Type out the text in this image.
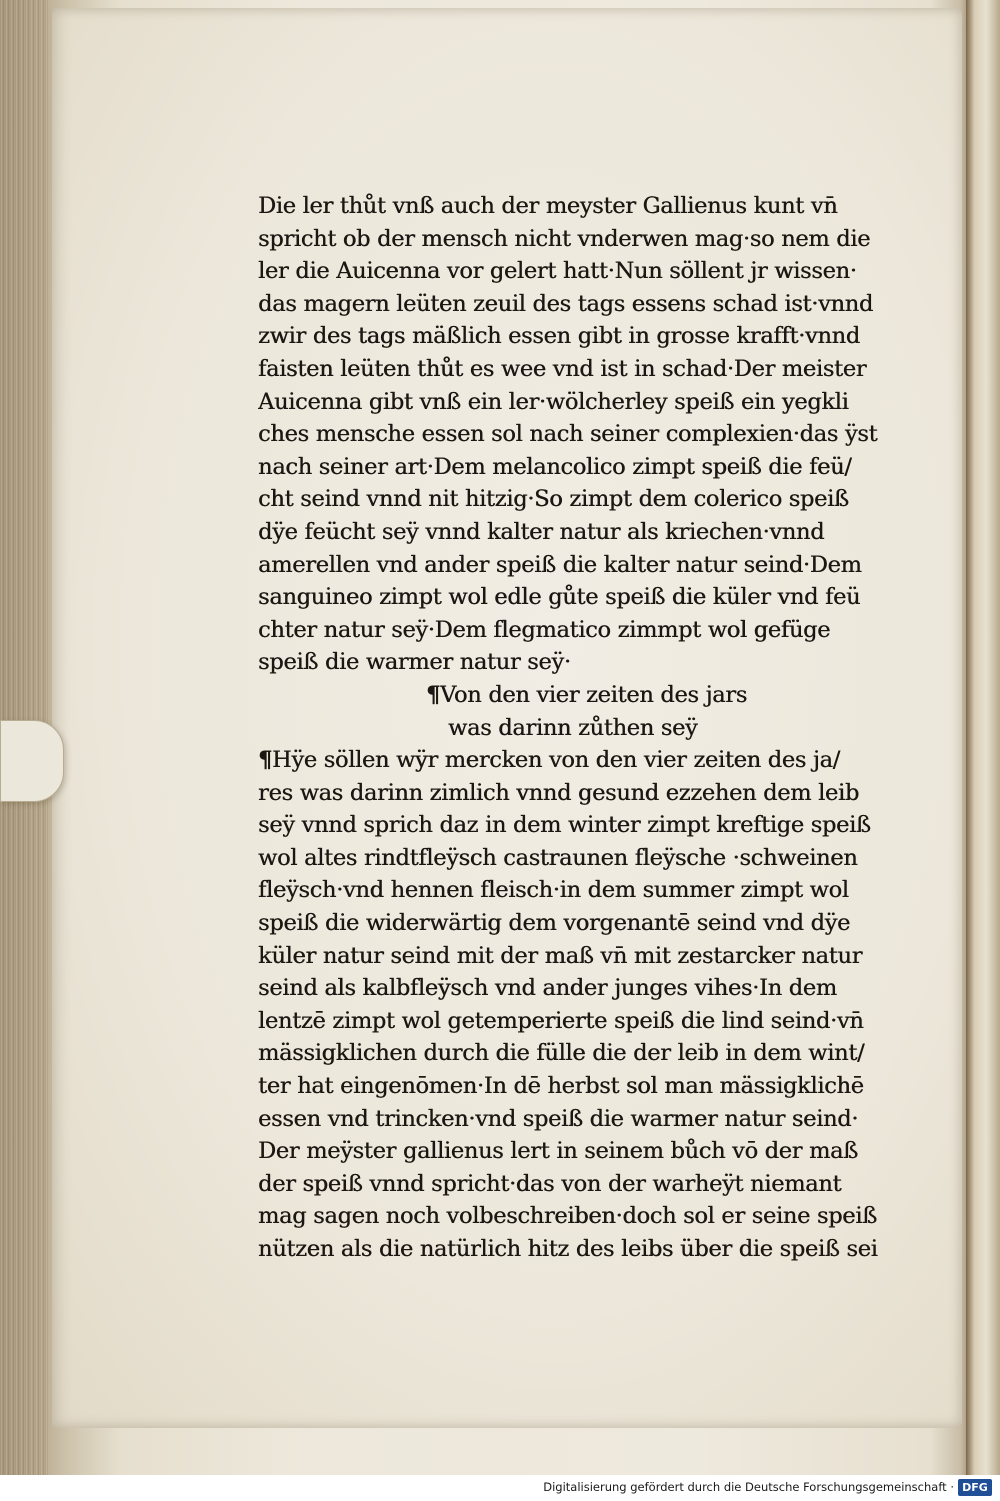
Die ler thůt vnß auch der meyster Gallienus kunt vn̄
spricht ob der mensch nicht vnderwen mag·so nem die
ler die Auicenna vor gelert hatt·Nun söllent jr wissen·
das magern leüten zeuil des tags essens schad ist·vnnd
zwir des tags mäßlich essen gibt in grosse krafft·vnnd
faisten leüten thůt es wee vnd ist in schad·Der meister
Auicenna gibt vnß ein ler·wölcherley speiß ein yegkli
ches mensche essen sol nach seiner complexien·das ÿst
nach seiner art·Dem melancolico zimpt speiß die feü/
cht seind vnnd nit hitzig·So zimpt dem colerico speiß
dÿe feücht seÿ vnnd kalter natur als kriechen·vnnd
amerellen vnd ander speiß die kalter natur seind·Dem
sanguineo zimpt wol edle gůte speiß die küler vnd feü
chter natur seÿ·Dem flegmatico zimmpt wol gefüge
speiß die warmer natur seÿ·
¶Von den vier zeiten des jars
was darinn zůthen seÿ
¶Hÿe söllen wÿr mercken von den vier zeiten des ja/
res was darinn zimlich vnnd gesund ezzehen dem leib
seÿ vnnd sprich daz in dem winter zimpt kreftige speiß
wol altes rindtfleÿsch castraunen fleÿsche ·schweinen
fleÿsch·vnd hennen fleisch·in dem summer zimpt wol
speiß die widerwärtig dem vorgenantē seind vnd dÿe
küler natur seind mit der maß vn̄ mit zestarcker natur
seind als kalbfleÿsch vnd ander junges vihes·In dem
lentzē zimpt wol getemperierte speiß die lind seind·vn̄
mässigklichen durch die fülle die der leib in dem wint/
ter hat eingenōmen·In dē herbst sol man mässigklichē
essen vnd trincken·vnd speiß die warmer natur seind·
Der meÿster gallienus lert in seinem bůch vō der maß
der speiß vnnd spricht·das von der warheÿt niemant
mag sagen noch volbeschreiben·doch sol er seine speiß
nützen als die natürlich hitz des leibs über die speiß sei
Digitalisierung gefördert durch die Deutsche Forschungsgemeinschaft · DFG
